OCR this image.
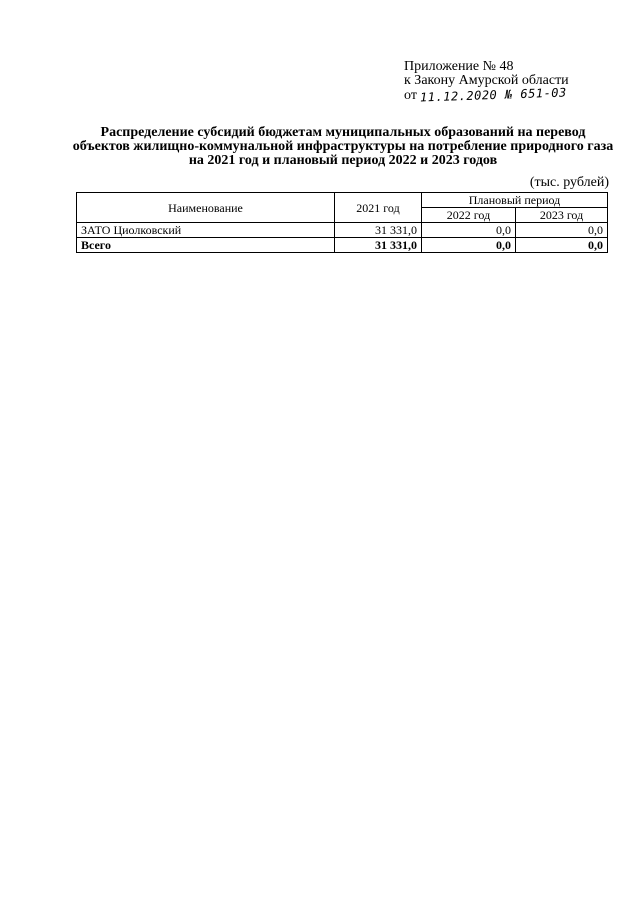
Приложение № 48
к Закону Амурской области
от 11.12.2020 № 651-03
Распределение субсидий бюджетам муниципальных образований на перевод объектов жилищно-коммунальной инфраструктуры на потребление природного газа на 2021 год и плановый период 2022 и 2023 годов
(тыс. рублей)
Наименование	2021 год	Плановый период	
		2022 год	2023 год
ЗАТО Циолковский	31 331,0	0,0	0,0
Всего	31 331,0	0,0	0,0
